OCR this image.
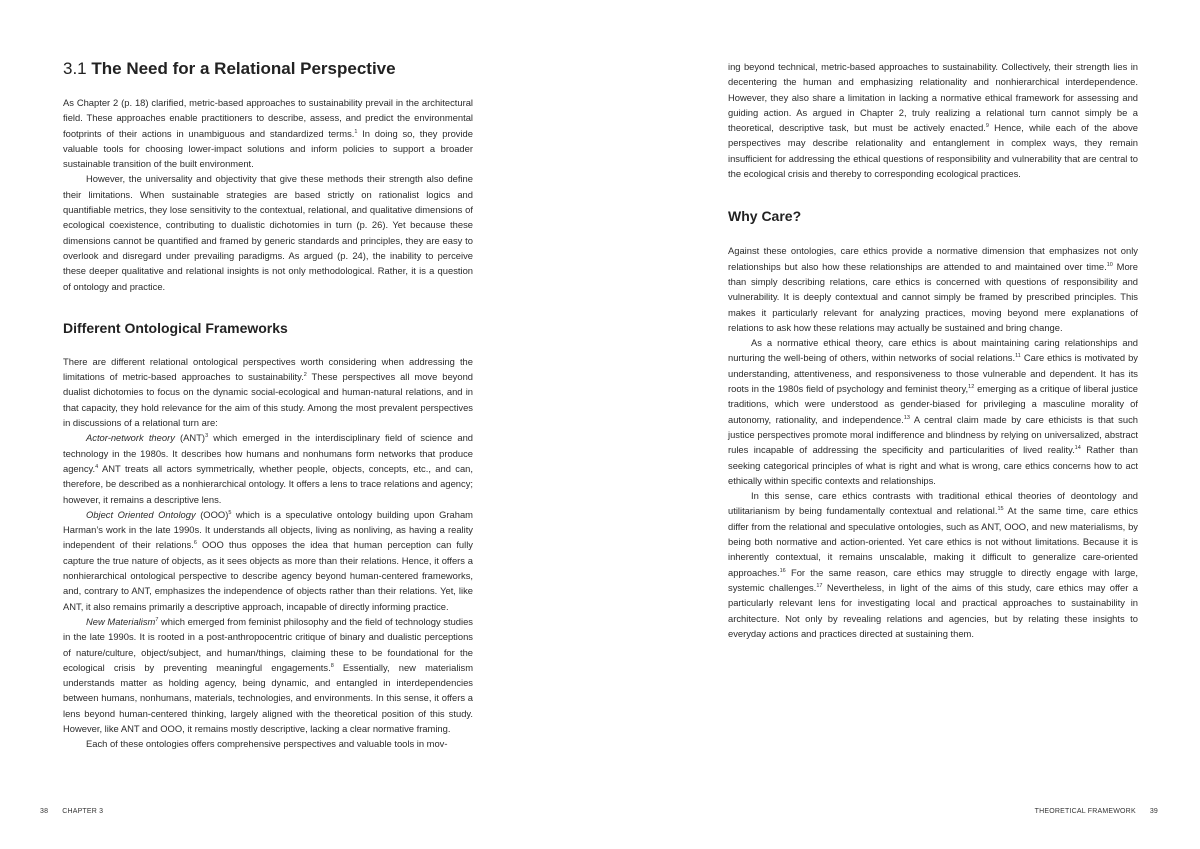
3.1 The Need for a Relational Perspective

As Chapter 2 (p. 18) clarified, metric-based approaches to sustainability prevail in the architectural field. These approaches enable practitioners to describe, assess, and predict the environmental footprints of their actions in unambiguous and standardized terms.$^1$ In doing so, they provide valuable tools for choosing lower-impact solutions and inform policies to support a broader sustainable transition of the built environment.

However, the universality and objectivity that give these methods their strength also define their limitations. When sustainable strategies are based strictly on rationalist logics and quantifiable metrics, they lose sensitivity to the contextual, relational, and qualitative dimensions of ecological coexistence, contributing to dualistic dichotomies in turn (p. 26). Yet because these dimensions cannot be quantified and framed by generic standards and principles, they are easy to overlook and disregard under prevailing paradigms. As argued (p. 24), the inability to perceive these deeper qualitative and relational insights is not only methodological. Rather, it is a question of ontology and practice.

Different Ontological Frameworks

There are different relational ontological perspectives worth considering when addressing the limitations of metric-based approaches to sustainability.$^2$ These perspectives all move beyond dualist dichotomies to focus on the dynamic social-ecological and human-natural relations, and in that capacity, they hold relevance for the aim of this study. Among the most prevalent perspectives in discussions of a relational turn are:

Actor-network theory (ANT)$^3$ which emerged in the interdisciplinary field of science and technology in the 1980s. It describes how humans and nonhumans form networks that produce agency.$^4$ ANT treats all actors symmetrically, whether people, objects, concepts, etc., and can, therefore, be described as a nonhierarchical ontology. It offers a lens to trace relations and agency; however, it remains a descriptive lens.

Object Oriented Ontology (OOO)$^5$ which is a speculative ontology building upon Graham Harman’s work in the late 1990s. It understands all objects, living as nonliving, as having a reality independent of their relations.$^6$ OOO thus opposes the idea that human perception can fully capture the true nature of objects, as it sees objects as more than their relations. Hence, it offers a nonhierarchical ontological perspective to describe agency beyond human-centered frameworks, and, contrary to ANT, emphasizes the independence of objects rather than their relations. Yet, like ANT, it also remains primarily a descriptive approach, incapable of directly informing practice.

New Materialism$^7$ which emerged from feminist philosophy and the field of technology studies in the late 1990s. It is rooted in a post-anthropocentric critique of binary and dualistic perceptions of nature/culture, object/subject, and human/things, claiming these to be foundational for the ecological crisis by preventing meaningful engagements.$^8$ Essentially, new materialism understands matter as holding agency, being dynamic, and entangled in interdependencies between humans, nonhumans, materials, technologies, and environments. In this sense, it offers a lens beyond human-centered thinking, largely aligned with the theoretical position of this study. However, like ANT and OOO, it remains mostly descriptive, lacking a clear normative framing.

Each of these ontologies offers comprehensive perspectives and valuable tools in mov-

38 CHAPTER 3

ing beyond technical, metric-based approaches to sustainability. Collectively, their strength lies in decentering the human and emphasizing relationality and nonhierarchical interdependence. However, they also share a limitation in lacking a normative ethical framework for assessing and guiding action. As argued in Chapter 2, truly realizing a relational turn cannot simply be a theoretical, descriptive task, but must be actively enacted.$^9$ Hence, while each of the above perspectives may describe relationality and entanglement in complex ways, they remain insufficient for addressing the ethical questions of responsibility and vulnerability that are central to the ecological crisis and thereby to corresponding ecological practices.

Why Care?

Against these ontologies, care ethics provide a normative dimension that emphasizes not only relationships but also how these relationships are attended to and maintained over time.$^{10}$ More than simply describing relations, care ethics is concerned with questions of responsibility and vulnerability. It is deeply contextual and cannot simply be framed by prescribed principles. This makes it particularly relevant for analyzing practices, moving beyond mere explanations of relations to ask how these relations may actually be sustained and bring change.

As a normative ethical theory, care ethics is about maintaining caring relationships and nurturing the well-being of others, within networks of social relations.$^{11}$ Care ethics is motivated by understanding, attentiveness, and responsiveness to those vulnerable and dependent. It has its roots in the 1980s field of psychology and feminist theory,$^{12}$ emerging as a critique of liberal justice traditions, which were understood as gender-biased for privileging a masculine morality of autonomy, rationality, and independence.$^{13}$ A central claim made by care ethicists is that such justice perspectives promote moral indifference and blindness by relying on universalized, abstract rules incapable of addressing the specificity and particularities of lived reality.$^{14}$ Rather than seeking categorical principles of what is right and what is wrong, care ethics concerns how to act ethically within specific contexts and relationships.

In this sense, care ethics contrasts with traditional ethical theories of deontology and utilitarianism by being fundamentally contextual and relational.$^{15}$ At the same time, care ethics differ from the relational and speculative ontologies, such as ANT, OOO, and new materialisms, by being both normative and action-oriented. Yet care ethics is not without limitations. Because it is inherently contextual, it remains unscalable, making it difficult to generalize care-oriented approaches.$^{16}$ For the same reason, care ethics may struggle to directly engage with large, systemic challenges.$^{17}$ Nevertheless, in light of the aims of this study, care ethics may offer a particularly relevant lens for investigating local and practical approaches to sustainability in architecture. Not only by revealing relations and agencies, but by relating these insights to everyday actions and practices directed at sustaining them.

THEORETICAL FRAMEWORK 39
